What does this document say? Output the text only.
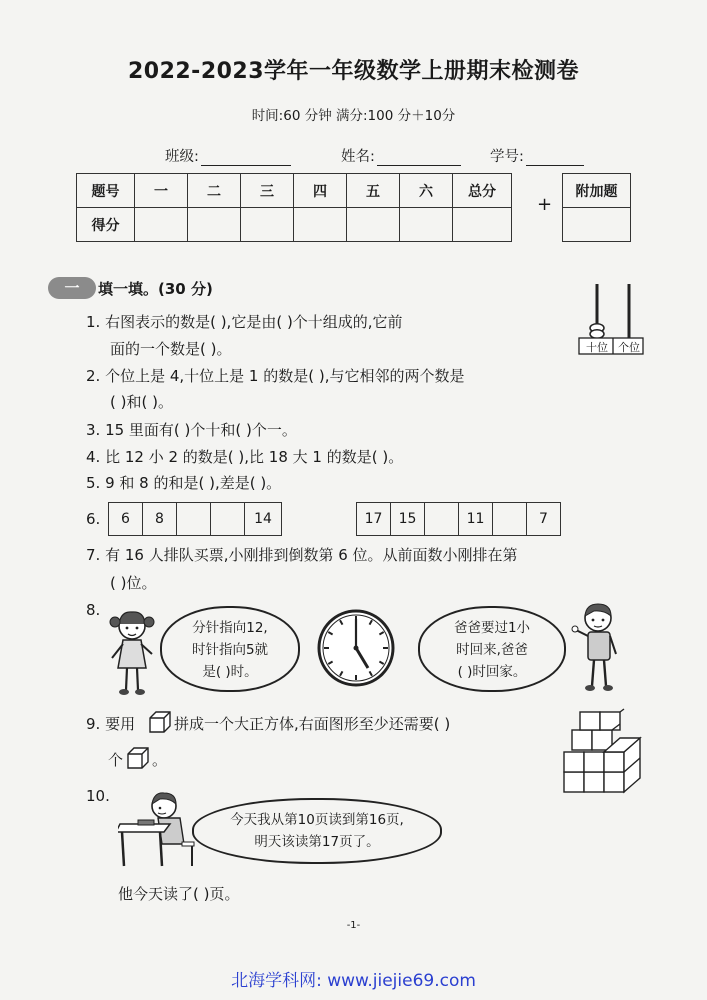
2022-2023学年一年级数学上册期末检测卷
时间:60 分钟 满分:100 分＋10分
班级:	姓名:	学号:
题号	一	二	三	四	五	六	总分
得分							
+
附加题

一	填一填。(30 分)
十位 个位
1. 右图表示的数是( ),它是由( )个十组成的,它前
面的一个数是( )。
2. 个位上是 4,十位上是 1 的数是( ),与它相邻的两个数是
( )和( )。
3. 15 里面有( )个十和( )个一。
4. 比 12 小 2 的数是( ),比 18 大 1 的数是( )。
5. 9 和 8 的和是( ),差是( )。
6. 6	8			14	17	15		11		7
7. 有 16 人排队买票,小刚排到倒数第 6 位。从前面数小刚排在第
( )位。
8.
分针指向12,
时针指向5就
是( )时。
爸爸要过1小
时回来,爸爸
( )时回家。
9. 要用	拼成一个大正方体,右面图形至少还需要( )
个 。
10.
今天我从第10页读到第16页,
明天该读第17页了。
他今天读了( )页。
-1-
北海学科网: www.jiejie69.com
